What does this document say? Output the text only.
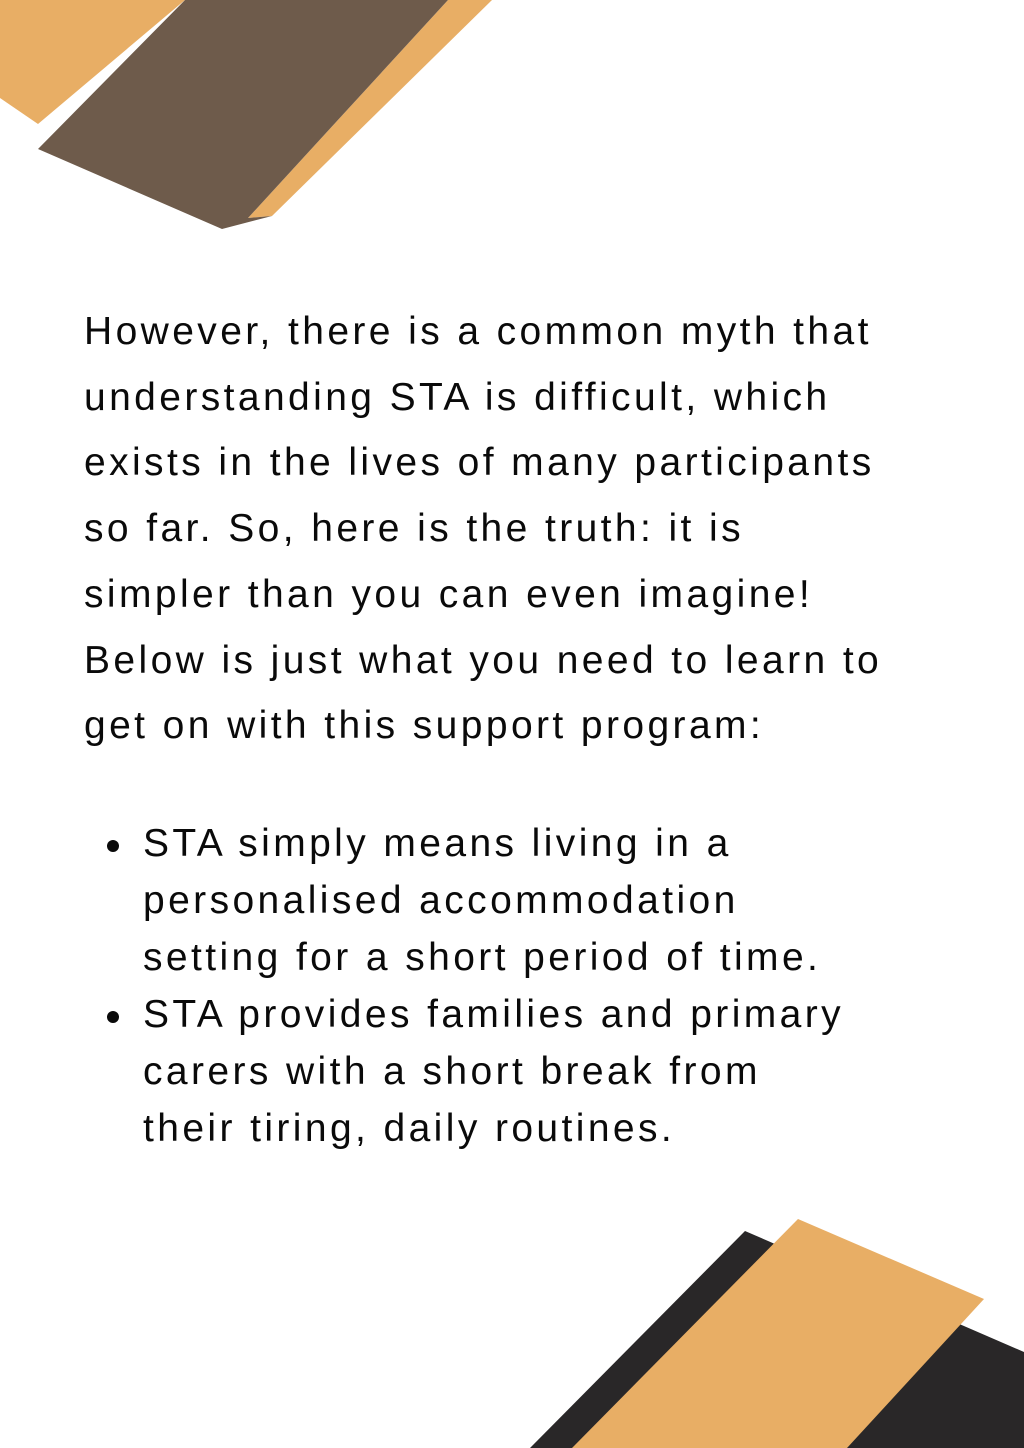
However, there is a common myth that
understanding STA is difficult, which
exists in the lives of many participants
so far. So, here is the truth: it is
simpler than you can even imagine!
Below is just what you need to learn to
get on with this support program:

STA simply means living in a
personalised accommodation
setting for a short period of time.
STA provides families and primary
carers with a short break from
their tiring, daily routines.
